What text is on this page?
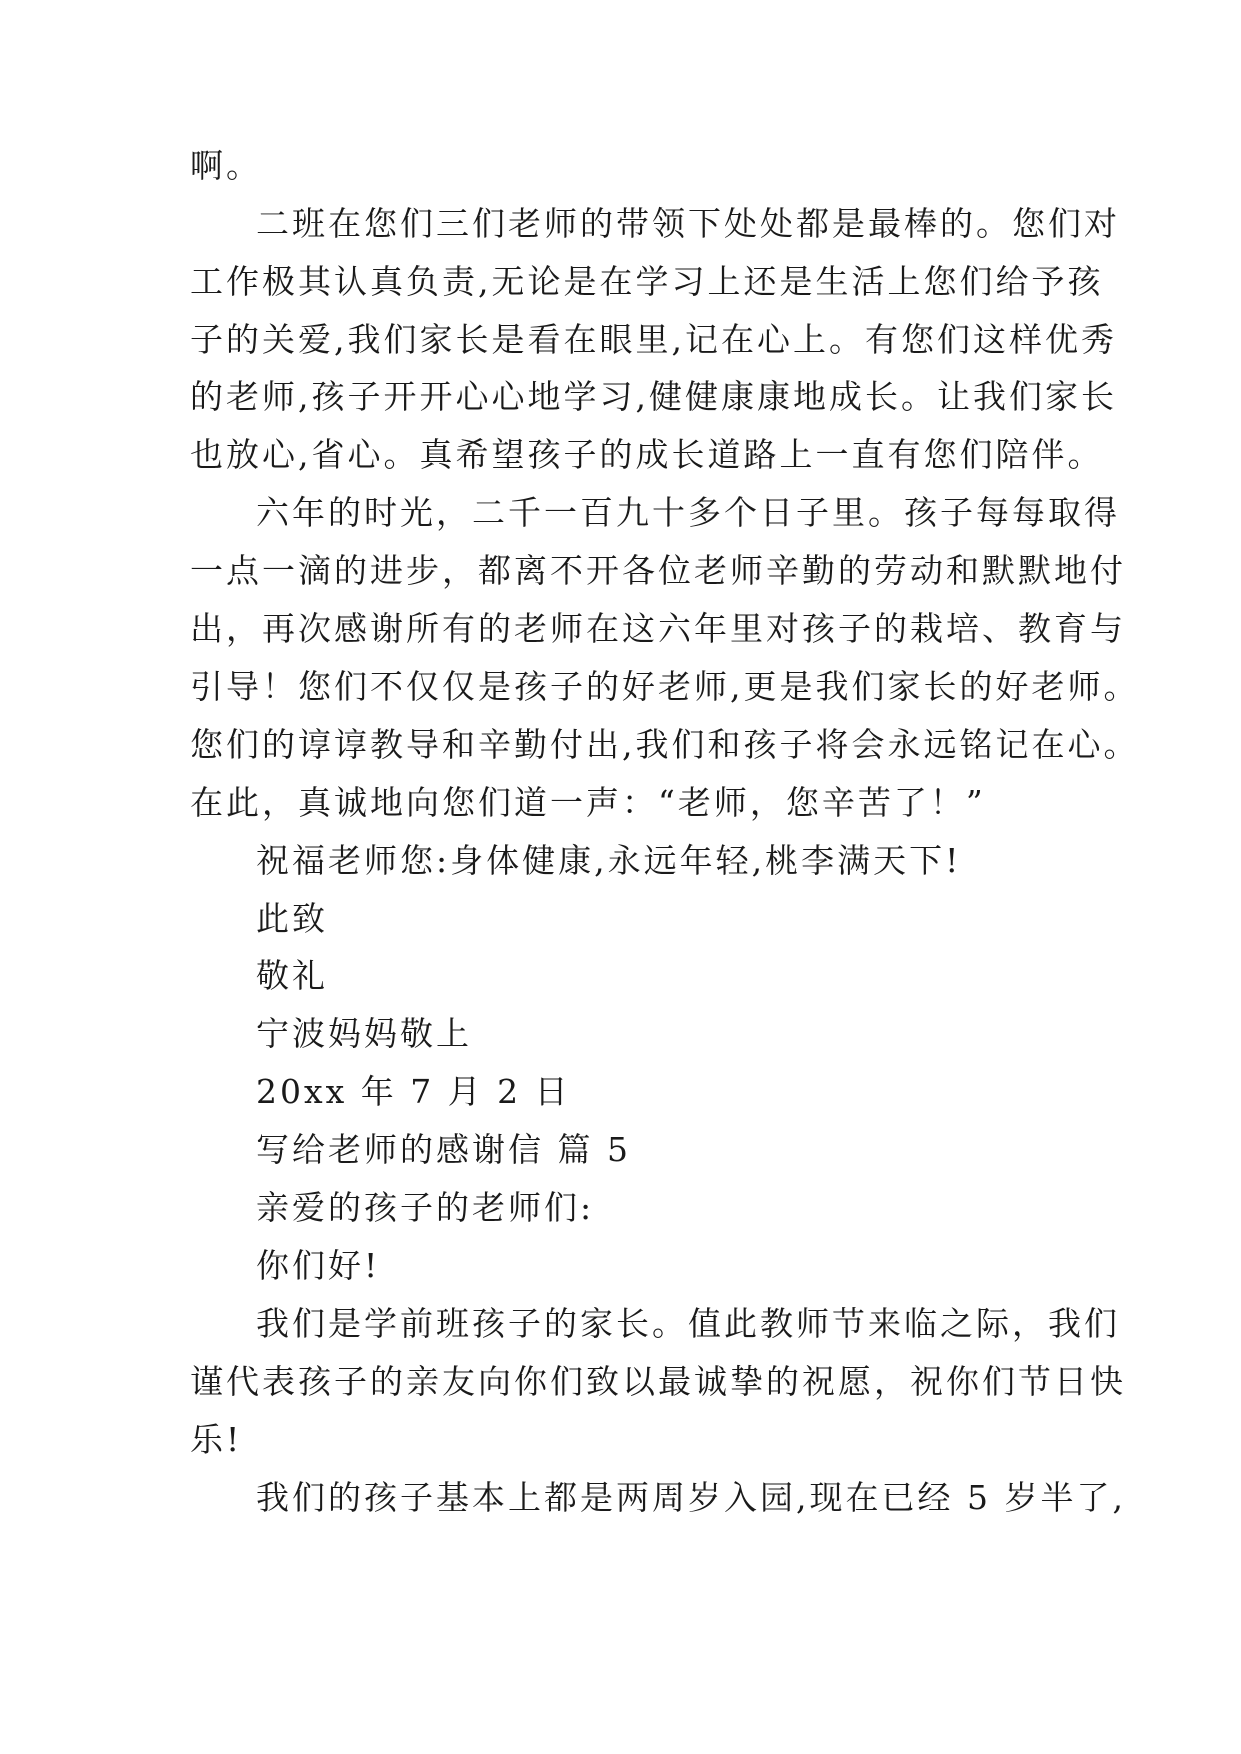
啊。
二班在您们三们老师的带领下处处都是最棒的。您们对
工作极其认真负责,无论是在学习上还是生活上您们给予孩
子的关爱,我们家长是看在眼里,记在心上。有您们这样优秀
的老师,孩子开开心心地学习,健健康康地成长。让我们家长
也放心,省心。真希望孩子的成长道路上一直有您们陪伴。
六年的时光，二千一百九十多个日子里。孩子每每取得
一点一滴的进步，都离不开各位老师辛勤的劳动和默默地付
出，再次感谢所有的老师在这六年里对孩子的栽培、教育与
引导！您们不仅仅是孩子的好老师,更是我们家长的好老师。
您们的谆谆教导和辛勤付出,我们和孩子将会永远铭记在心。
在此，真诚地向您们道一声：“老师，您辛苦了！”
祝福老师您:身体健康,永远年轻,桃李满天下!
此致
敬礼
宁波妈妈敬上
20xx 年 7 月 2 日
写给老师的感谢信 篇 5
亲爱的孩子的老师们:
你们好!
我们是学前班孩子的家长。值此教师节来临之际，我们
谨代表孩子的亲友向你们致以最诚挚的祝愿，祝你们节日快
乐!
我们的孩子基本上都是两周岁入园,现在已经 5 岁半了,
